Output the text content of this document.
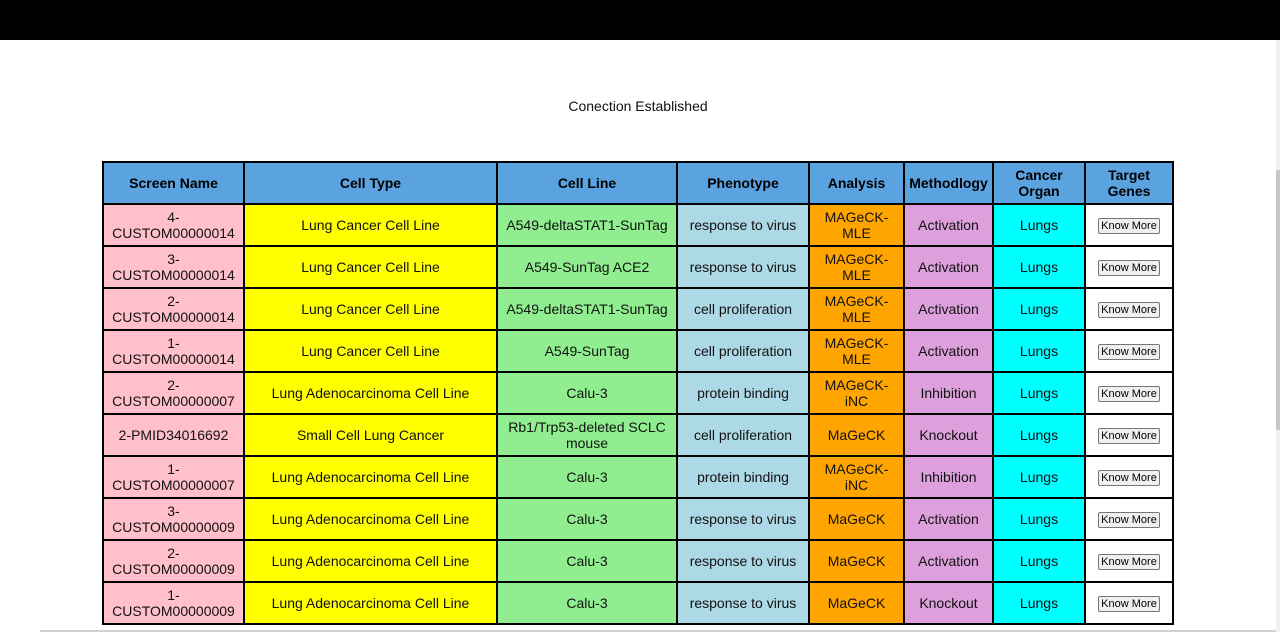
Conection Established
Screen Name	Cell Type	Cell Line	Phenotype	Analysis	Methodlogy	Cancer Organ	Target Genes
4-CUSTOM00000014	Lung Cancer Cell Line	A549-deltaSTAT1-SunTag	response to virus	MAGeCK-MLE	Activation	Lungs	Know More
3-CUSTOM00000014	Lung Cancer Cell Line	A549-SunTag ACE2	response to virus	MAGeCK-MLE	Activation	Lungs	Know More
2-CUSTOM00000014	Lung Cancer Cell Line	A549-deltaSTAT1-SunTag	cell proliferation	MAGeCK-MLE	Activation	Lungs	Know More
1-CUSTOM00000014	Lung Cancer Cell Line	A549-SunTag	cell proliferation	MAGeCK-MLE	Activation	Lungs	Know More
2-CUSTOM00000007	Lung Adenocarcinoma Cell Line	Calu-3	protein binding	MAGeCK-iNC	Inhibition	Lungs	Know More
2-PMID34016692	Small Cell Lung Cancer	Rb1/Trp53-deleted SCLC mouse	cell proliferation	MaGeCK	Knockout	Lungs	Know More
1-CUSTOM00000007	Lung Adenocarcinoma Cell Line	Calu-3	protein binding	MAGeCK-iNC	Inhibition	Lungs	Know More
3-CUSTOM00000009	Lung Adenocarcinoma Cell Line	Calu-3	response to virus	MaGeCK	Activation	Lungs	Know More
2-CUSTOM00000009	Lung Adenocarcinoma Cell Line	Calu-3	response to virus	MaGeCK	Activation	Lungs	Know More
1-CUSTOM00000009	Lung Adenocarcinoma Cell Line	Calu-3	response to virus	MaGeCK	Knockout	Lungs	Know More
